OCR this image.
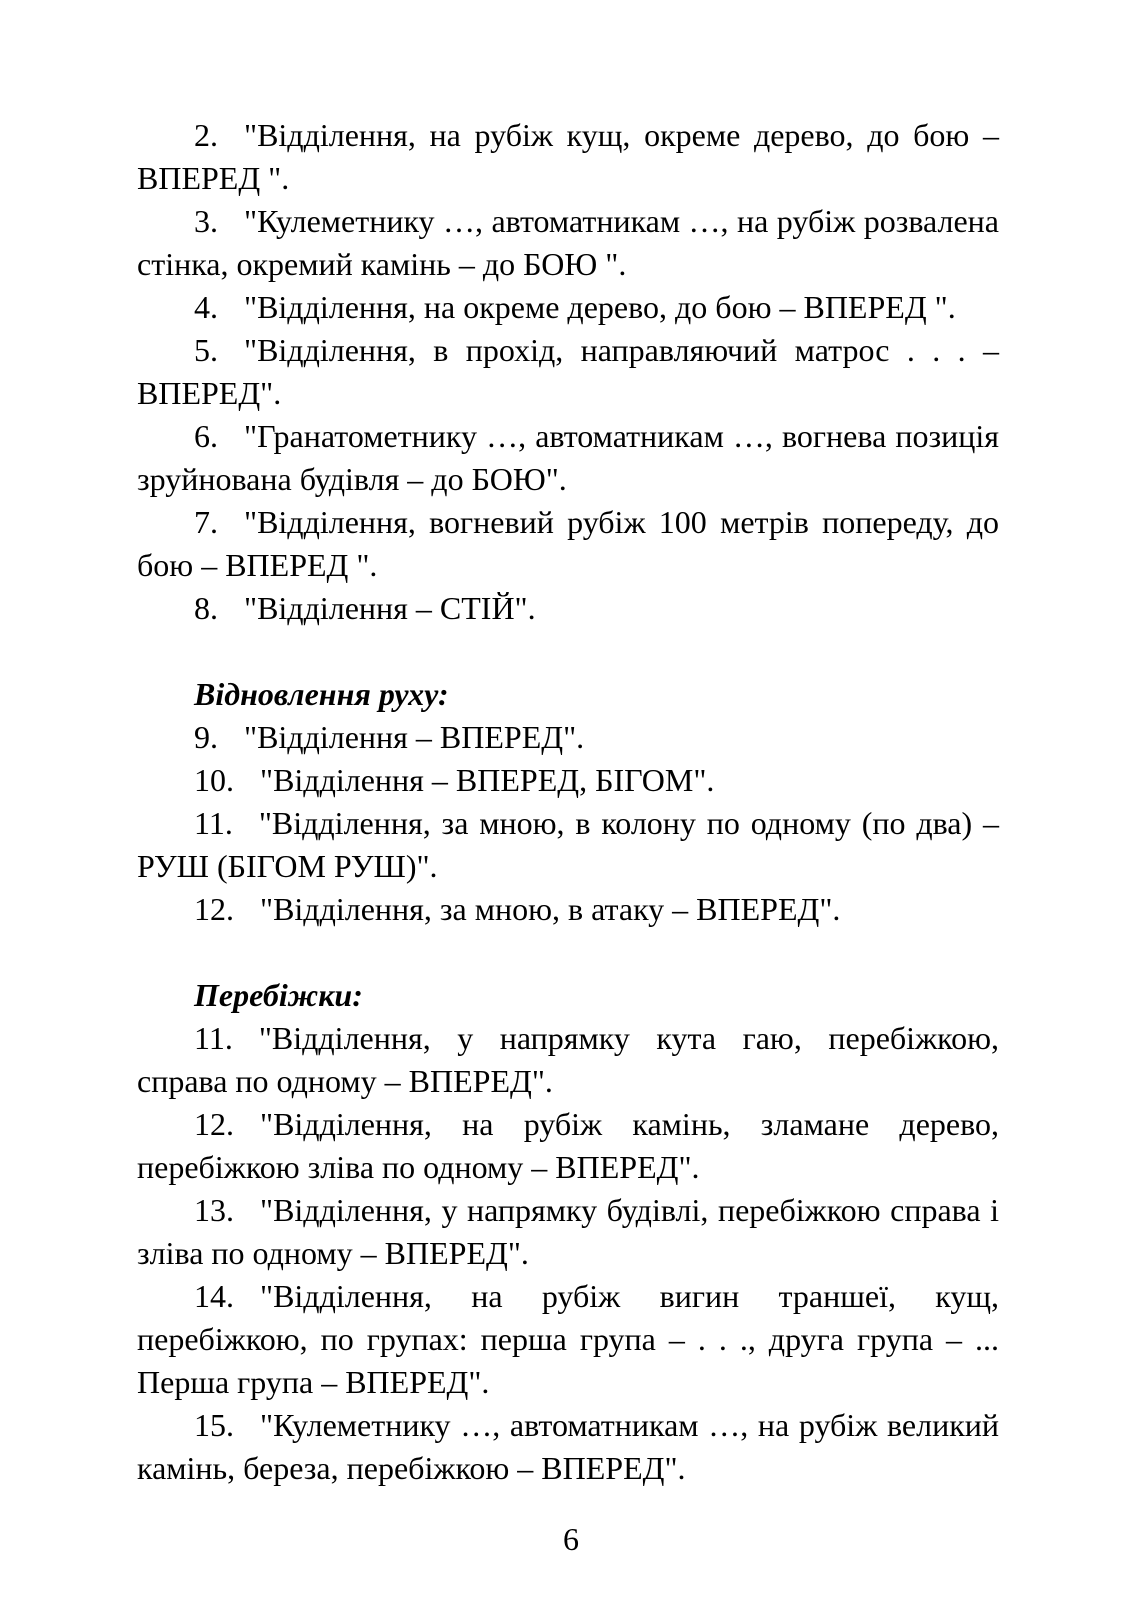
2. "Відділення, на рубіж кущ, окреме дерево, до бою – ВПЕРЕД ".

3. "Кулеметнику …, автоматникам …, на рубіж розвалена стінка, окремий камінь – до БОЮ ".

4. "Відділення, на окреме дерево, до бою – ВПЕРЕД ".

5. "Відділення, в прохід, направляючий матрос . . . – ВПЕРЕД".

6. "Гранатометнику …, автоматникам …, вогнева позиція зруйнована будівля – до БОЮ".

7. "Відділення, вогневий рубіж 100 метрів попереду, до бою – ВПЕРЕД ".

8. "Відділення – СТІЙ".

Відновлення руху:

9. "Відділення – ВПЕРЕД".

10. "Відділення – ВПЕРЕД, БІГОМ".

11. "Відділення, за мною, в колону по одному (по два) – РУШ (БІГОМ РУШ)".

12. "Відділення, за мною, в атаку – ВПЕРЕД".

Перебіжки:

11. "Відділення, у напрямку кута гаю, перебіжкою, справа по одному – ВПЕРЕД".

12. "Відділення, на рубіж камінь, зламане дерево, перебіжкою зліва по одному – ВПЕРЕД".

13. "Відділення, у напрямку будівлі, перебіжкою справа і зліва по одному – ВПЕРЕД".

14. "Відділення, на рубіж вигин траншеї, кущ, перебіжкою, по групах: перша група – . . ., друга група – ... Перша група – ВПЕРЕД".

15. "Кулеметнику …, автоматникам …, на рубіж великий камінь, береза, перебіжкою – ВПЕРЕД".

6
